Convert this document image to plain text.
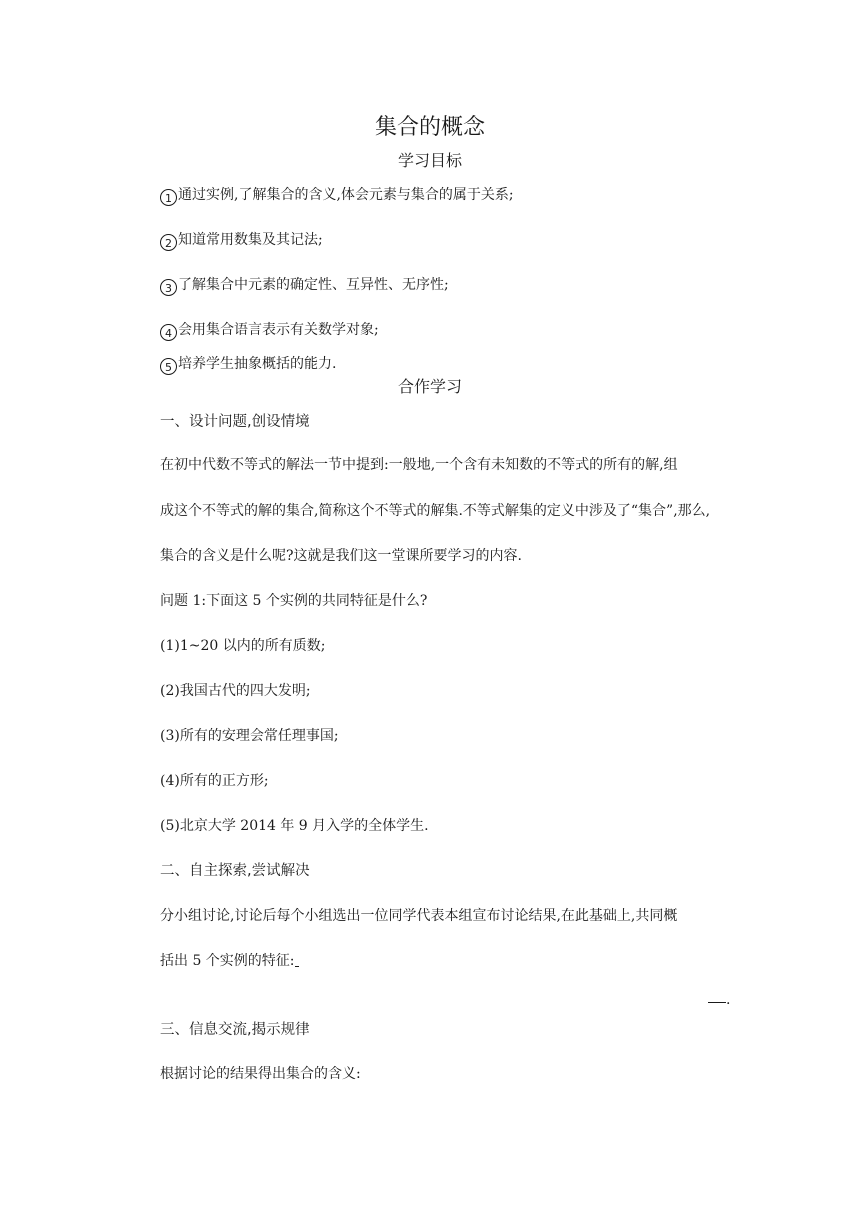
集合的概念
学习目标
1 通过实例,了解集合的含义,体会元素与集合的属于关系;
2 知道常用数集及其记法;
3 了解集合中元素的确定性、互异性、无序性;
4 会用集合语言表示有关数学对象;
5 培养学生抽象概括的能力.
合作学习
一、设计问题,创设情境
在初中代数不等式的解法一节中提到:一般地,一个含有未知数的不等式的所有的解,组
成这个不等式的解的集合,简称这个不等式的解集.不等式解集的定义中涉及了“集合”,那么,
集合的含义是什么呢?这就是我们这一堂课所要学习的内容.
问题 1:下面这 5 个实例的共同特征是什么?
(1)1~20 以内的所有质数;
(2)我国古代的四大发明;
(3)所有的安理会常任理事国;
(4)所有的正方形;
(5)北京大学 2014 年 9 月入学的全体学生.
二、自主探索,尝试解决
分小组讨论,讨论后每个小组选出一位同学代表本组宣布讨论结果,在此基础上,共同概
括出 5 个实例的特征:
.
三、信息交流,揭示规律
根据讨论的结果得出集合的含义:
